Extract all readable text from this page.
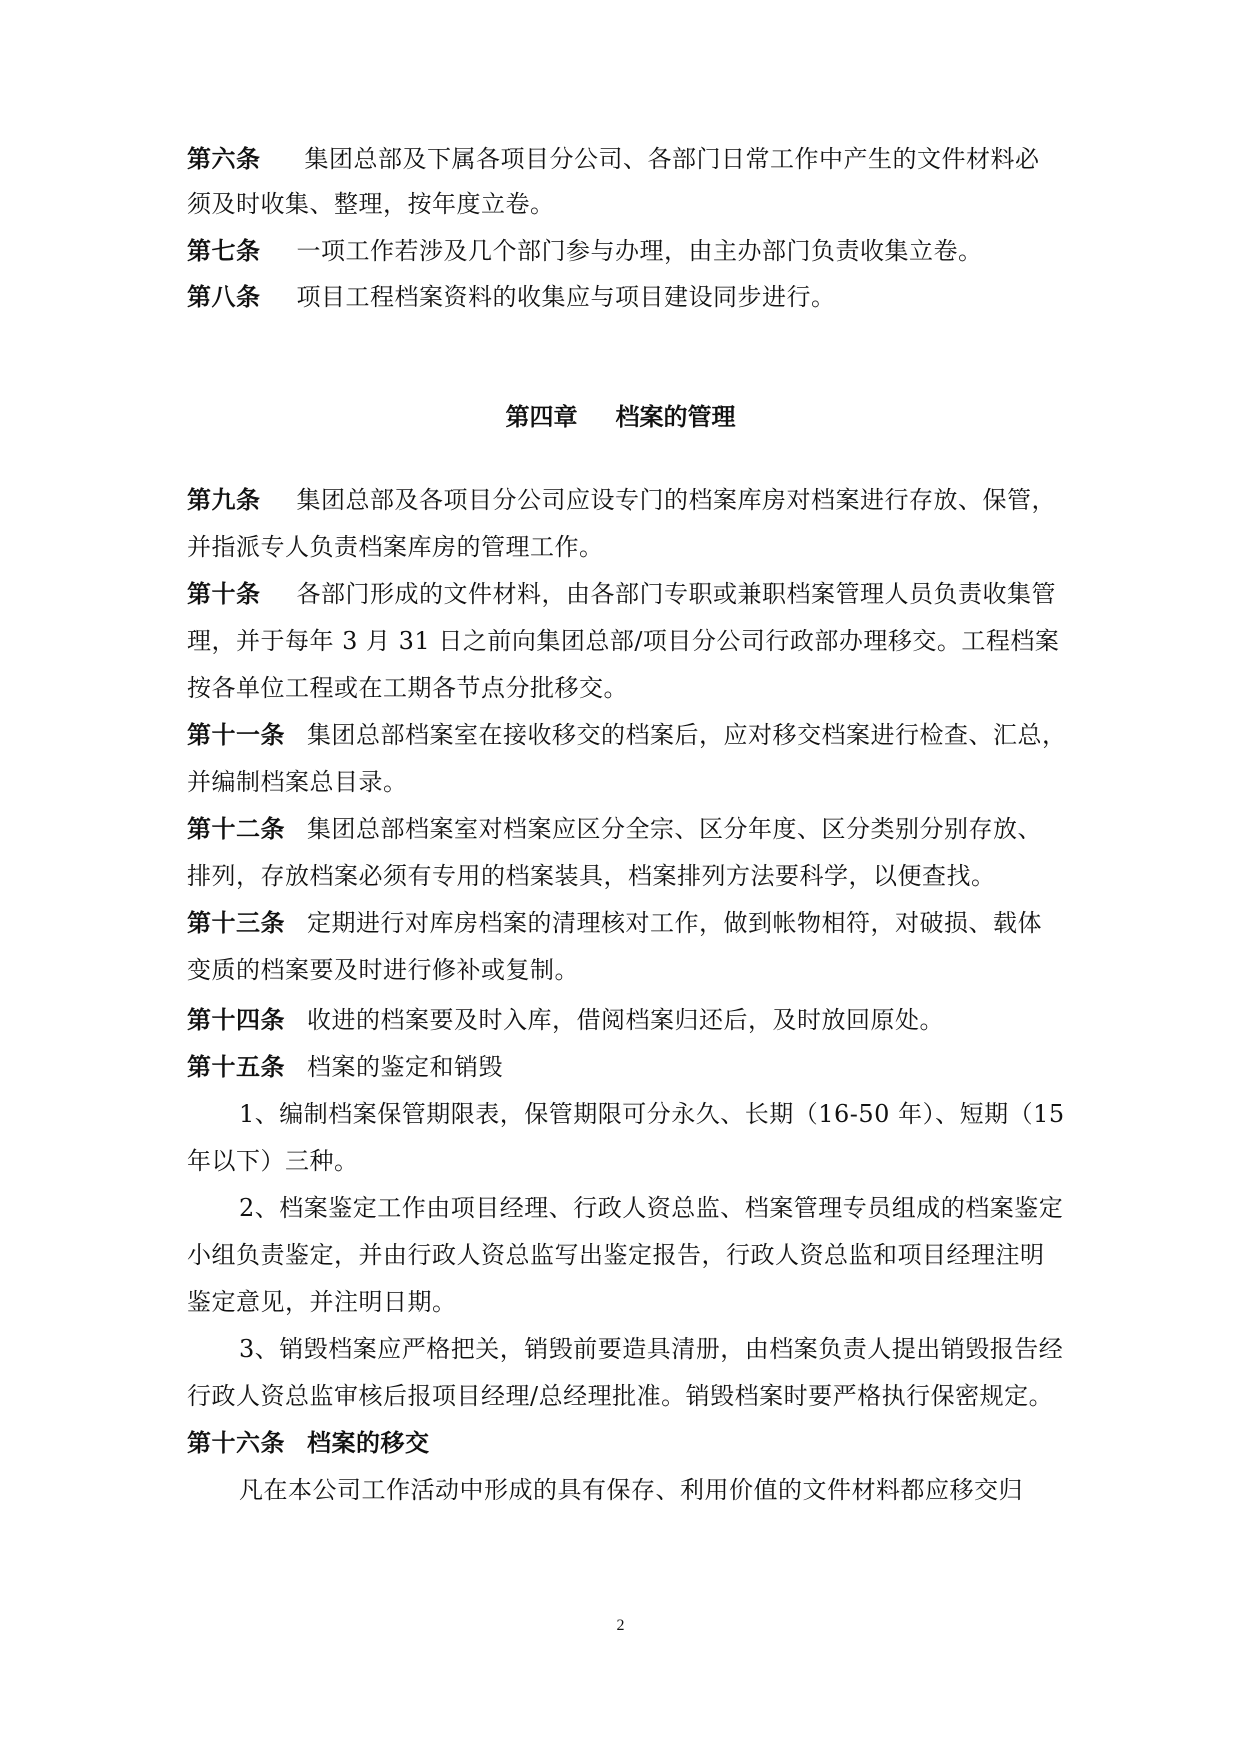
第六条 集团总部及下属各项目分公司、各部门日常工作中产生的文件材料必
须及时收集、整理，按年度立卷。
第七条 一项工作若涉及几个部门参与办理，由主办部门负责收集立卷。
第八条 项目工程档案资料的收集应与项目建设同步进行。
第四章 档案的管理
第九条 集团总部及各项目分公司应设专门的档案库房对档案进行存放、保管，
并指派专人负责档案库房的管理工作。
第十条 各部门形成的文件材料，由各部门专职或兼职档案管理人员负责收集管
理，并于每年 3 月 31 日之前向集团总部/项目分公司行政部办理移交。工程档案
按各单位工程或在工期各节点分批移交。
第十一条 集团总部档案室在接收移交的档案后，应对移交档案进行检查、汇总，
并编制档案总目录。
第十二条 集团总部档案室对档案应区分全宗、区分年度、区分类别分别存放、
排列，存放档案必须有专用的档案装具，档案排列方法要科学，以便查找。
第十三条 定期进行对库房档案的清理核对工作，做到帐物相符，对破损、载体
变质的档案要及时进行修补或复制。
第十四条 收进的档案要及时入库，借阅档案归还后，及时放回原处。
第十五条 档案的鉴定和销毁
1、编制档案保管期限表，保管期限可分永久、长期（16-50 年）、短期（15
年以下）三种。
2、档案鉴定工作由项目经理、行政人资总监、档案管理专员组成的档案鉴定
小组负责鉴定，并由行政人资总监写出鉴定报告，行政人资总监和项目经理注明
鉴定意见，并注明日期。
3、销毁档案应严格把关，销毁前要造具清册，由档案负责人提出销毁报告经
行政人资总监审核后报项目经理/总经理批准。销毁档案时要严格执行保密规定。
第十六条 档案的移交
凡在本公司工作活动中形成的具有保存、利用价值的文件材料都应移交归
2
